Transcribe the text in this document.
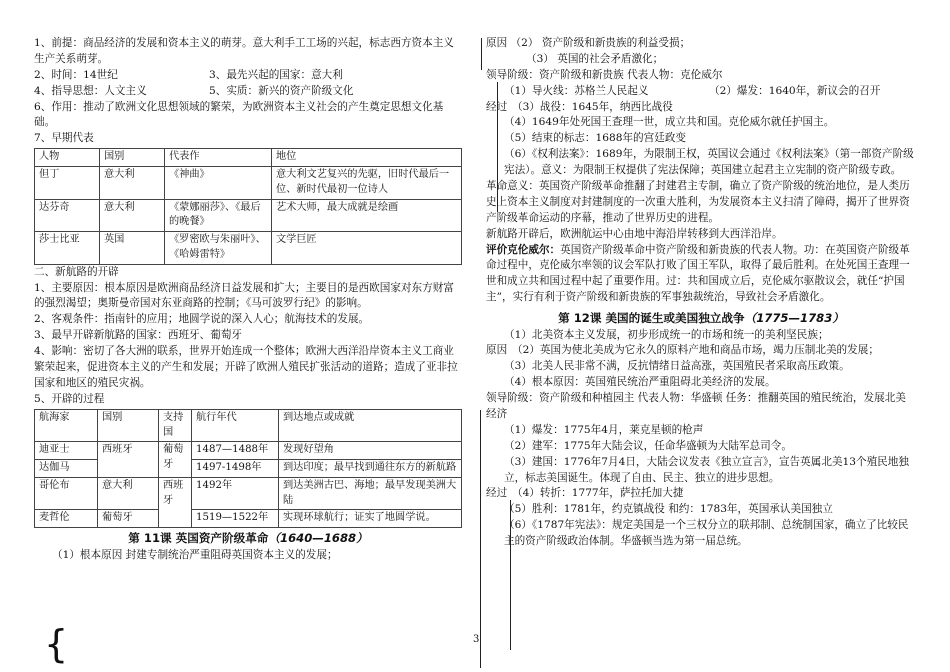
1、前提：商品经济的发展和资本主义的萌芽。意大利手工工场的兴起，标志西方资本主义生产关系萌芽。

2、时间：14世纪	3、最先兴起的国家：意大利

4、指导思想：人文主义	5、实质：新兴的资产阶级文化

6、作用：推动了欧洲文化思想领域的繁荣，为欧洲资本主义社会的产生奠定思想文化基础。

7、早期代表

人物	国别	代表作	地位
但丁	意大利	《神曲》	意大利文艺复兴的先驱，旧时代最后一位、新时代最初一位诗人
达芬奇	意大利	《蒙娜丽莎》、《最后的晚餐》	艺术大师，最大成就是绘画
莎士比亚	英国	《罗密欧与朱丽叶》、《哈姆雷特》	文学巨匠

二、新航路的开辟

1、主要原因：根本原因是欧洲商品经济日益发展和扩大；主要目的是西欧国家对东方财富的强烈渴望；奥斯曼帝国对东亚商路的控制；《马可波罗行纪》的影响。

2、客观条件：指南针的应用；地圆学说的深入人心；航海技术的发展。

3、最早开辟新航路的国家：西班牙、葡萄牙

4、影响：密切了各大洲的联系，世界开始连成一个整体；欧洲大西洋沿岸资本主义工商业繁荣起来，促进资本主义的产生和发展；开辟了欧洲人殖民扩张活动的道路；造成了亚非拉国家和地区的殖民灾祸。

5、开辟的过程

航海家	国别	支持国	航行年代	到达地点或成就
迪亚士	西班牙	葡萄牙	1487—1488年	发现好望角
达伽马			1497-1498年	到达印度；最早找到通往东方的新航路
哥伦布	意大利	西班牙	1492年	到达美洲古巴、海地；最早发现美洲大陆
麦哲伦	葡萄牙		1519—1522年	实现环球航行；证实了地圆学说。

第 11课 英国资产阶级革命（1640—1688）

（1）根本原因 封建专制统治严重阻碍英国资本主义的发展；

{

原因 （2） 资产阶级和新贵族的利益受损；

（3） 英国的社会矛盾激化；

领导阶级：资产阶级和新贵族 代表人物：克伦威尔

（1）导火线：苏格兰人民起义	（2）爆发：1640年，新议会的召开

经过 （3）战役：1645年，纳西比战役

（4）1649年处死国王查理一世，成立共和国。克伦威尔就任护国主。

（5）结束的标志：1688年的宫廷政变

（6）《权利法案》：1689年，为限制王权，英国议会通过《权利法案》（第一部资产阶级宪法）。意义：为限制王权提供了宪法保障；英国建立起君主立宪制的资产阶级专政。

革命意义：英国资产阶级革命推翻了封建君主专制，确立了资产阶级的统治地位，是人类历史上资本主义制度对封建制度的一次重大胜利，为发展资本主义扫清了障碍，揭开了世界资产阶级革命运动的序幕，推动了世界历史的进程。

新航路开辟后，欧洲航运中心由地中海沿岸转移到大西洋沿岸。

评价克伦威尔：英国资产阶级革命中资产阶级和新贵族的代表人物。功：在英国资产阶级革命过程中，克伦威尔率领的议会军队打败了国王军队，取得了最后胜利。在处死国王查理一世和成立共和国过程中起了重要作用。过：共和国成立后，克伦威尔驱散议会，就任“护国主”，实行有利于资产阶级和新贵族的军事独裁统治，导致社会矛盾激化。

第 12课 美国的诞生或美国独立战争（1775—1783）

（1）北美资本主义发展，初步形成统一的市场和统一的美利坚民族；

原因 （2）英国为使北美成为它永久的原料产地和商品市场，竭力压制北美的发展；

（3）北美人民非常不满，反抗情绪日益高涨，英国殖民者采取高压政策。

（4）根本原因：英国殖民统治严重阻碍北美经济的发展。

领导阶级：资产阶级和种植园主 代表人物：华盛顿 任务：推翻英国的殖民统治，发展北美经济

（1）爆发：1775年4月，莱克星顿的枪声

（2）建军：1775年大陆会议，任命华盛顿为大陆军总司令。

（3）建国：1776年7月4日，大陆会议发表《独立宣言》，宣告英属北美13个殖民地独立，标志美国诞生。体现了自由、民主、独立的进步思想。

经过 （4）转折：1777年，萨拉托加大捷

（5）胜利：1781年，约克镇战役 和约：1783年，英国承认美国独立

（6）《1787年宪法》：规定美国是一个三权分立的联邦制、总统制国家，确立了比较民主的资产阶级政治体制。华盛顿当选为第一届总统。

3
